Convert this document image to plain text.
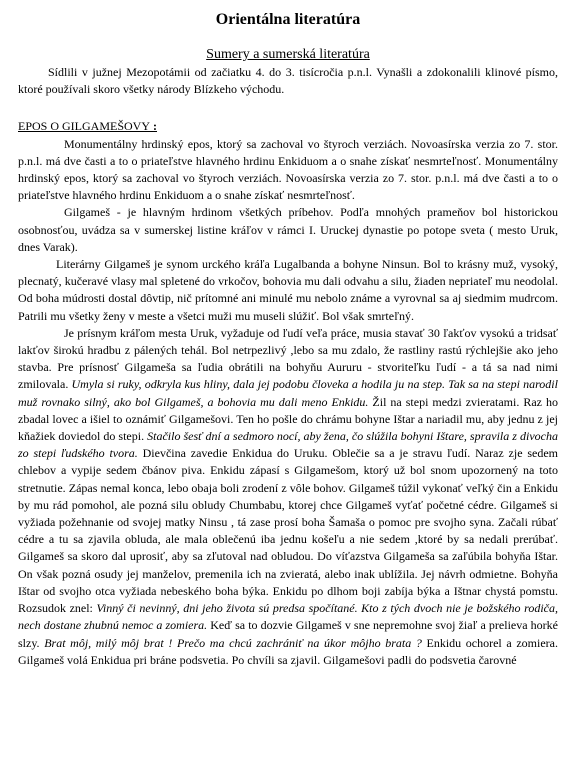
Orientálna literatúra
Sumery a sumerská literatúra

Sídlili v južnej Mezopotámii od začiatku 4. do 3. tisícročia p.n.l. Vynašli a zdokonalili klinové písmo, ktoré používali skoro všetky národy Blízkeho východu.

EPOS O GILGAMEŠOVY :

Monumentálny hrdinský epos, ktorý sa zachoval vo štyroch verziách. Novoasírska verzia zo 7. stor. p.n.l. má dve časti a to o priateľstve hlavného hrdinu Enkiduom a o snahe získať nesmrteľnosť. Monumentálny hrdinský epos, ktorý sa zachoval vo štyroch verziách. Novoasírska verzia zo 7. stor. p.n.l. má dve časti a to o priateľstve hlavného hrdinu Enkiduom a o snahe získať nesmrteľnosť.

Gilgameš - je hlavným hrdinom všetkých príbehov. Podľa mnohých prameňov bol historickou osobnosťou, uvádza sa v sumerskej listine kráľov v rámci I. Uruckej dynastie po potope sveta ( mesto Uruk, dnes Varak).

Literárny Gilgameš je synom urckého kráľa Lugalbanda a bohyne Ninsun. Bol to krásny muž, vysoký, plecnatý, kučeravé vlasy mal spletené do vrkočov, bohovia mu dali odvahu a silu, žiaden nepriateľ mu neodolal. Od boha múdrosti dostal dôvtip, nič prítomné ani minulé mu nebolo známe a vyrovnal sa aj siedmim mudrcom. Patrili mu všetky ženy v meste a všetci muži mu museli slúžiť. Bol však smrteľný.

Je prísnym kráľom mesta Uruk, vyžaduje od ľudí veľa práce, musia stavať 30 ľakťov vysokú a tridsať lakťov širokú hradbu z pálených tehál. Bol netrpezlivý ,lebo sa mu zdalo, že rastliny rastú rýchlejšie ako jeho stavba. Pre prísnosť Gilgameša sa ľudia obrátili na bohyňu Aururu - stvoriteľku ľudí - a tá sa nad nimi zmilovala. Umyla si ruky, odkryla kus hliny, dala jej podobu človeka a hodila ju na step. Tak sa na stepi narodil muž rovnako silný, ako bol Gilgameš, a bohovia mu dali meno Enkidu. Žil na stepi medzi zvieratami. Raz ho zbadal lovec a išiel to oznámiť Gilgamešovi. Ten ho pošle do chrámu bohyne Ištar a nariadil mu, aby jednu z jej kňažiek doviedol do stepi. Stačilo šesť dní a sedmoro nocí, aby žena, čo slúžila bohyni Ištare, spravila z divocha zo stepi ľudského tvora. Dievčina zavedie Enkidua do Uruku. Oblečie sa a je stravu ľudí. Naraz zje sedem chlebov a vypije sedem čbánov piva. Enkidu zápasí s Gilgamešom, ktorý už bol snom upozornený na toto stretnutie. Zápas nemal konca, lebo obaja boli zrodení z vôle bohov. Gilgameš túžil vykonať veľký čin a Enkidu by mu rád pomohol, ale pozná silu obludy Chumbabu, ktorej chce Gilgameš vyťať početné cédre. Gilgameš si vyžiada požehnanie od svojej matky Ninsu , tá zase prosí boha Šamaša o pomoc pre svojho syna. Začali rúbať cédre a tu sa zjavila obluda, ale mala oblečenú iba jednu košeľu a nie sedem ,ktoré by sa nedali prerúbať. Gilgameš sa skoro dal uprosiť, aby sa zľutoval nad obludou. Do víťazstva Gilgameša sa zaľúbila bohyňa Ištar. On však pozná osudy jej manželov, premenila ich na zvieratá, alebo inak ublížila. Jej návrh odmietne. Bohyňa Ištar od svojho otca vyžiada nebeského boha býka. Enkidu po dlhom boji zabíja býka a Ištnar chystá pomstu. Rozsudok znel: Vinný či nevinný, dni jeho života sú predsa spočítané. Kto z tých dvoch nie je božského rodiča, nech dostane zhubnú nemoc a zomiera. Keď sa to dozvie Gilgameš v sne nepremohne svoj žiaľ a prelieva horké slzy. Brat môj, milý môj brat ! Prečo ma chcú zachrániť na úkor môjho brata ? Enkidu ochorel a zomiera. Gilgameš volá Enkidua pri bráne podsvetia. Po chvíli sa zjavil. Gilgamešovi padli do podsvetia čarovné
